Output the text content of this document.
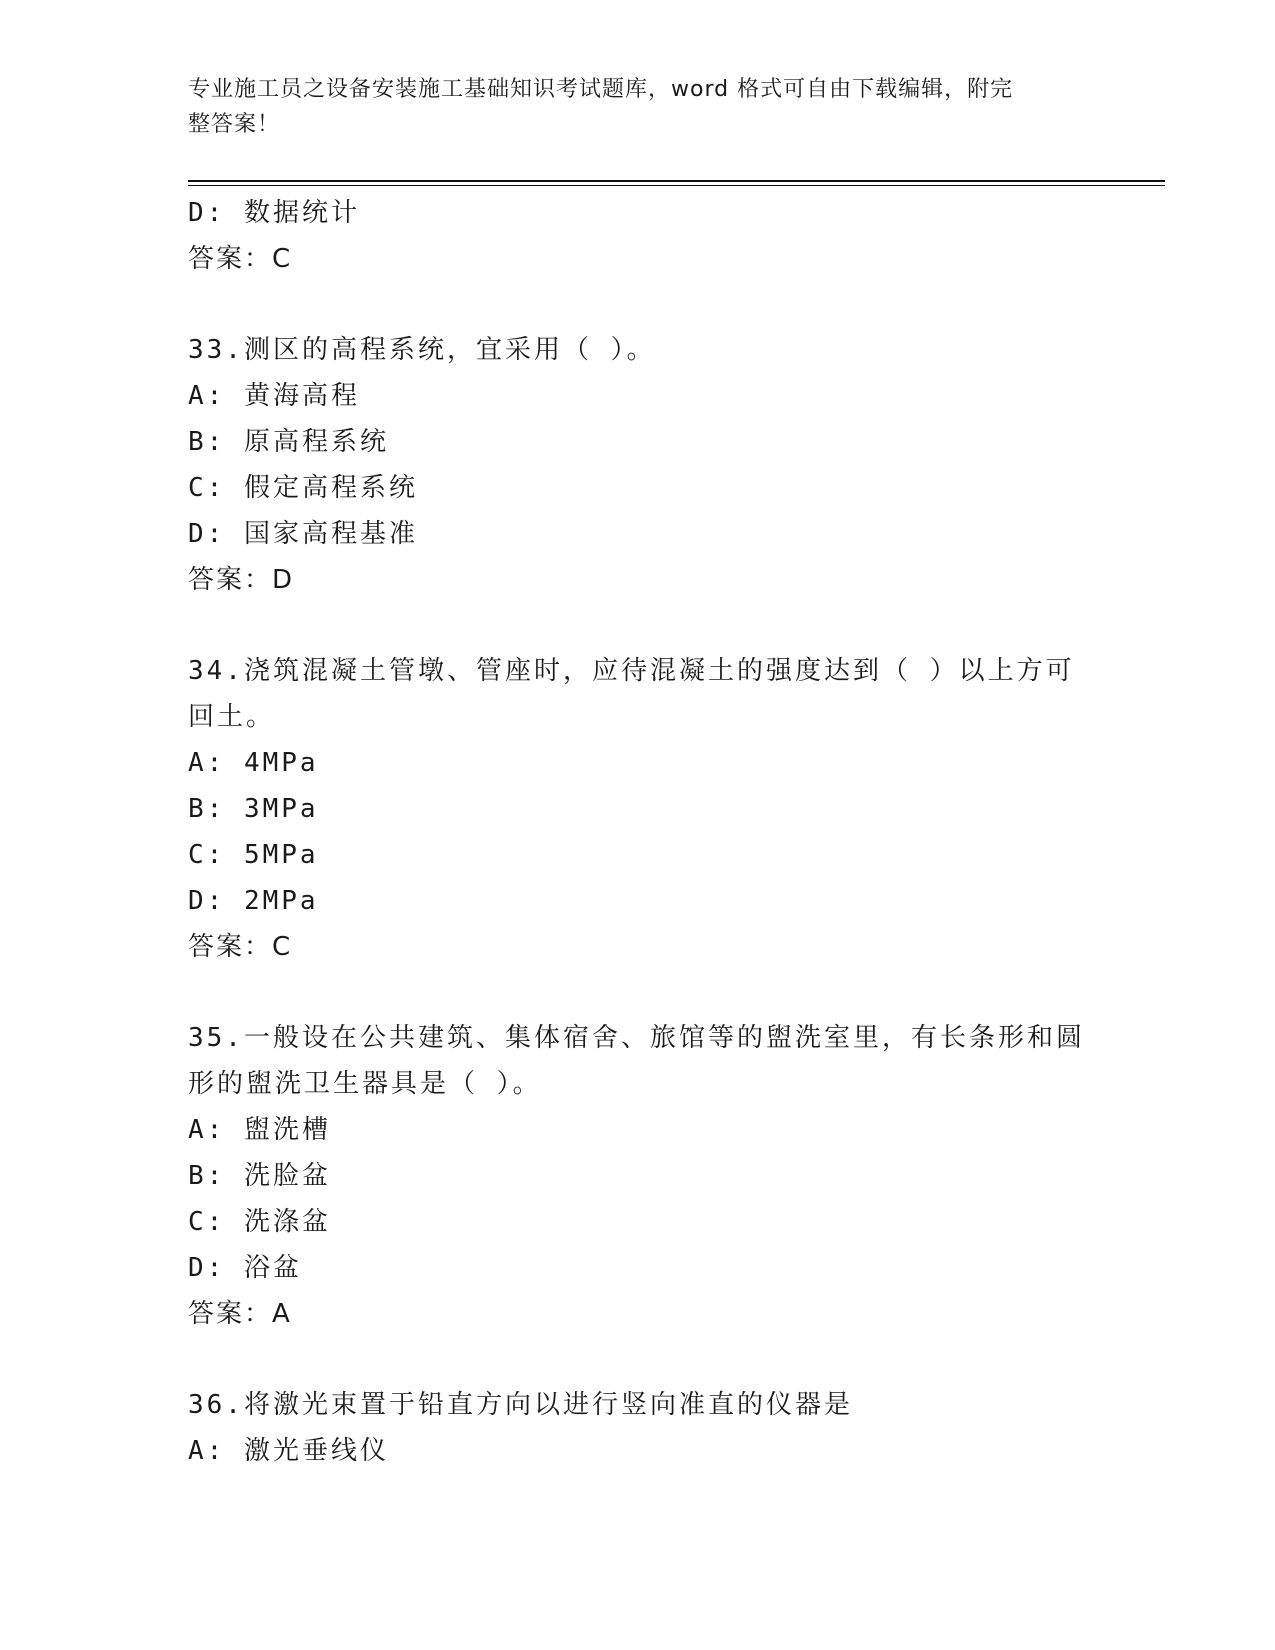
专业施工员之设备安装施工基础知识考试题库，word 格式可自由下载编辑，附完
整答案！
D: 数据统计
答案：C
33.测区的高程系统，宜采用（ ）。
A: 黄海高程
B: 原高程系统
C: 假定高程系统
D: 国家高程基准
答案：D
34.浇筑混凝土管墩、管座时，应待混凝土的强度达到（ ）以上方可
回土。
A: 4MPa
B: 3MPa
C: 5MPa
D: 2MPa
答案：C
35.一般设在公共建筑、集体宿舍、旅馆等的盥洗室里，有长条形和圆
形的盥洗卫生器具是（ ）。
A: 盥洗槽
B: 洗脸盆
C: 洗涤盆
D: 浴盆
答案：A
36.将激光束置于铅直方向以进行竖向准直的仪器是
A: 激光垂线仪
